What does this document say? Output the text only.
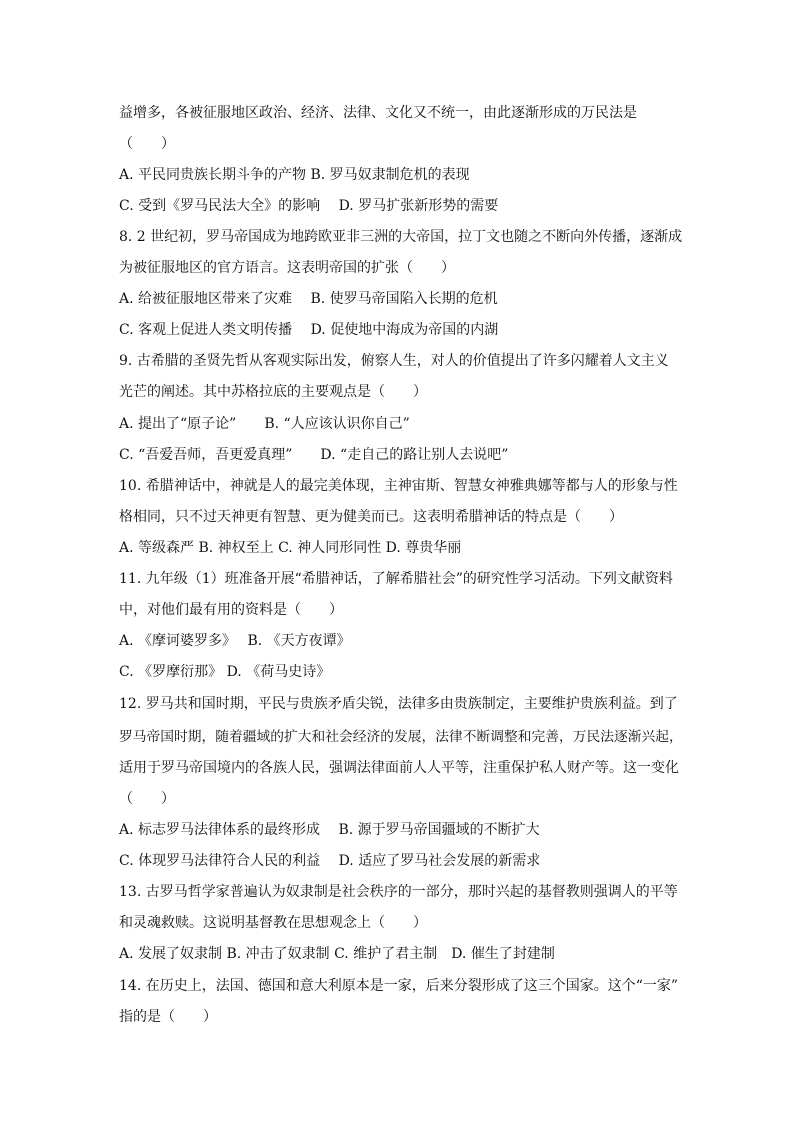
益增多，各被征服地区政治、经济、法律、文化又不统一，由此逐渐形成的万民法是
（　　）
A. 平民同贵族长期斗争的产物 B. 罗马奴隶制危机的表现
C. 受到《罗马民法大全》的影响　 D. 罗马扩张新形势的需要
8. 2 世纪初，罗马帝国成为地跨欧亚非三洲的大帝国，拉丁文也随之不断向外传播，逐渐成
为被征服地区的官方语言。这表明帝国的扩张（　　）
A. 给被征服地区带来了灾难　 B. 使罗马帝国陷入长期的危机
C. 客观上促进人类文明传播　 D. 促使地中海成为帝国的内湖
9. 古希腊的圣贤先哲从客观实际出发，俯察人生，对人的价值提出了许多闪耀着人文主义
光芒的阐述。其中苏格拉底的主要观点是（　　）
A. 提出了“原子论”　　B. “人应该认识你自己”
C. “吾爱吾师，吾更爱真理”　　D. “走自己的路让别人去说吧”
10. 希腊神话中，神就是人的最完美体现，主神宙斯、智慧女神雅典娜等都与人的形象与性
格相同，只不过天神更有智慧、更为健美而已。这表明希腊神话的特点是（　　）
A. 等级森严 B. 神权至上 C. 神人同形同性 D. 尊贵华丽
11. 九年级（1）班准备开展“希腊神话，了解希腊社会”的研究性学习活动。下列文献资料
中，对他们最有用的资料是（　　）
A. 《摩诃婆罗多》　 B. 《天方夜谭》
C. 《罗摩衍那》 D. 《荷马史诗》
12. 罗马共和国时期，平民与贵族矛盾尖锐，法律多由贵族制定，主要维护贵族利益。到了
罗马帝国时期，随着疆域的扩大和社会经济的发展，法律不断调整和完善，万民法逐渐兴起，
适用于罗马帝国境内的各族人民，强调法律面前人人平等，注重保护私人财产等。这一变化
（　　）
A. 标志罗马法律体系的最终形成　 B. 源于罗马帝国疆域的不断扩大
C. 体现罗马法律符合人民的利益　 D. 适应了罗马社会发展的新需求
13. 古罗马哲学家普遍认为奴隶制是社会秩序的一部分，那时兴起的基督教则强调人的平等
和灵魂救赎。这说明基督教在思想观念上（　　）
A. 发展了奴隶制 B. 冲击了奴隶制 C. 维护了君主制　D. 催生了封建制
14. 在历史上，法国、德国和意大利原本是一家，后来分裂形成了这三个国家。这个“一家”
指的是（　　）
